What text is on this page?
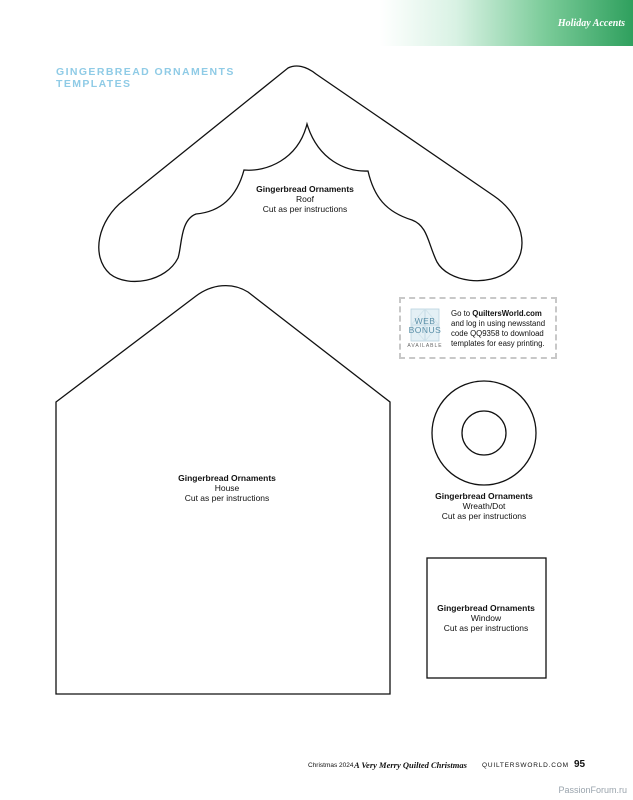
Holiday Accents
GINGERBREAD ORNAMENTS
TEMPLATES
Gingerbread Ornaments
Roof
Cut as per instructions
Gingerbread Ornaments
House
Cut as per instructions	Gingerbread Ornaments
Wreath/Dot
Cut as per instructions
Gingerbread Ornaments
Window
Cut as per instructions
WEB
BONUS
AVAILABLE
Go to QuiltersWorld.com
and log in using newsstand
code QQ9358 to download
templates for easy printing.
Christmas 2024 A Very Merry Quilted Christmas QUILTERSWORLD.COM 95
PassionForum.ru
